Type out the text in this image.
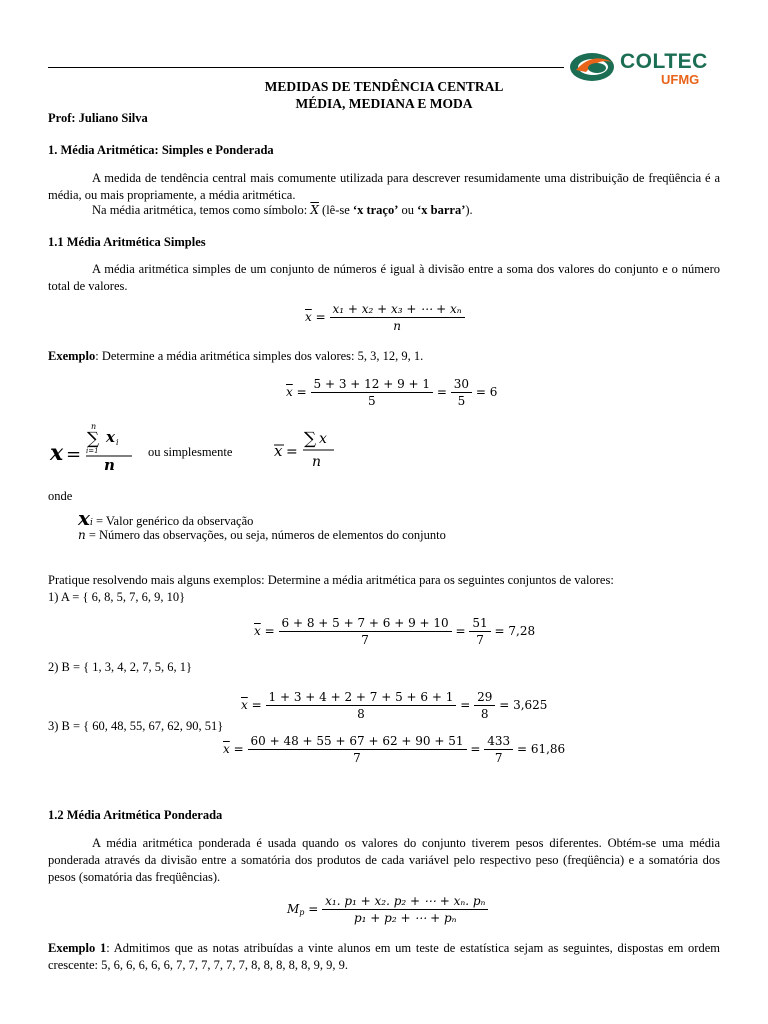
COLTEC
UFMG
MEDIDAS DE TENDÊNCIA CENTRAL
MÉDIA, MEDIANA E MODA
Prof: Juliano Silva
1. Média Aritmética: Simples e Ponderada
A medida de tendência central mais comumente utilizada para descrever resumidamente uma distribuição de freqüência é a média, ou mais propriamente, a média aritmética.
Na média aritmética, temos como símbolo: $\overline{X}$ (lê-se ‘x traço’ ou ‘x barra’).
1.1 Média Aritmética Simples
A média aritmética simples de um conjunto de números é igual à divisão entre a soma dos valores do conjunto e o número total de valores.
$\overline{x} = \frac{\text{x₁ + x₂ + x₃ + ⋯ + xₙ}}{n}$
Exemplo: Determine a média aritmética simples dos valores: 5, 3, 12, 9, 1.
$\overline{x} = \frac{5 + 3 + 12 + 9 + 1}{5} = \frac{30}{5} = 6$
x =
n
∑
i=1
x i
n
ou simplesmente	x =
∑ x
n
onde
xi = Valor genérico da observação
n = Número das observações, ou seja, números de elementos do conjunto
Pratique resolvendo mais alguns exemplos: Determine a média aritmética para os seguintes conjuntos de valores:
1) A = { 6, 8, 5, 7, 6, 9, 10}
$\overline{x} = \frac{6 + 8 + 5 + 7 + 6 + 9 + 10}{7} = \frac{51}{7} = 7,28$
2) B = { 1, 3, 4, 2, 7, 5, 6, 1}
$\overline{x} = \frac{1 + 3 + 4 + 2 + 7 + 5 + 6 + 1}{8} = \frac{29}{8} = 3,625$
3) B = { 60, 48, 55, 67, 62, 90, 51}
$\overline{x} = \frac{60 + 48 + 55 + 67 + 62 + 90 + 51}{7} = \frac{433}{7} = 61,86$
1.2 Média Aritmética Ponderada
A média aritmética ponderada é usada quando os valores do conjunto tiverem pesos diferentes. Obtém-se uma média ponderada através da divisão entre a somatória dos produtos de cada variável pelo respectivo peso (freqüência) e a somatória dos pesos (somatória das freqüências).
$M_p = \frac{\text{x₁. p₁ + x₂. p₂ + ⋯ + xₙ. pₙ}}{\text{p₁ + p₂ + ⋯ + pₙ}}$
Exemplo 1: Admitimos que as notas atribuídas a vinte alunos em um teste de estatística sejam as seguintes, dispostas em ordem crescente: 5, 6, 6, 6, 6, 6, 7, 7, 7, 7, 7, 7, 8, 8, 8, 8, 8, 9, 9, 9.
